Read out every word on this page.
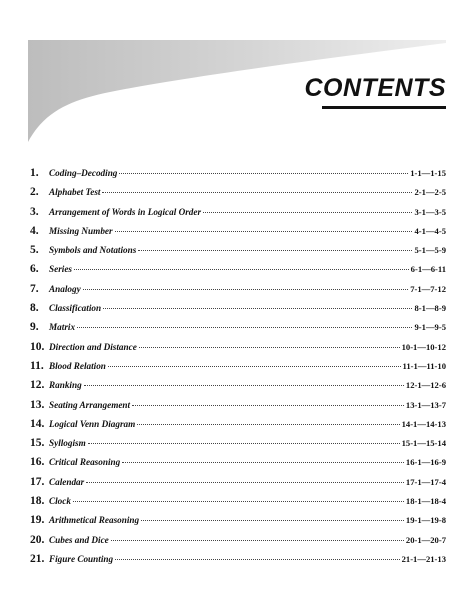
CONTENTS
1.	Coding–Decoding	1-1—1-15
2.	Alphabet Test	2-1—2-5
3.	Arrangement of Words in Logical Order	3-1—3-5
4.	Missing Number	4-1—4-5
5.	Symbols and Notations	5-1—5-9
6.	Series	6-1—6-11
7.	Analogy	7-1—7-12
8.	Classification	8-1—8-9
9.	Matrix	9-1—9-5
10. Direction and Distance	10-1—10-12
11. Blood Relation	11-1—11-10
12. Ranking	12-1—12-6
13. Seating Arrangement	13-1—13-7
14. Logical Venn Diagram	14-1—14-13
15. Syllogism	15-1—15-14
16. Critical Reasoning	16-1—16-9
17. Calendar	17-1—17-4
18. Clock	18-1—18-4
19. Arithmetical Reasoning	19-1—19-8
20. Cubes and Dice	20-1—20-7
21. Figure Counting	21-1—21-13
